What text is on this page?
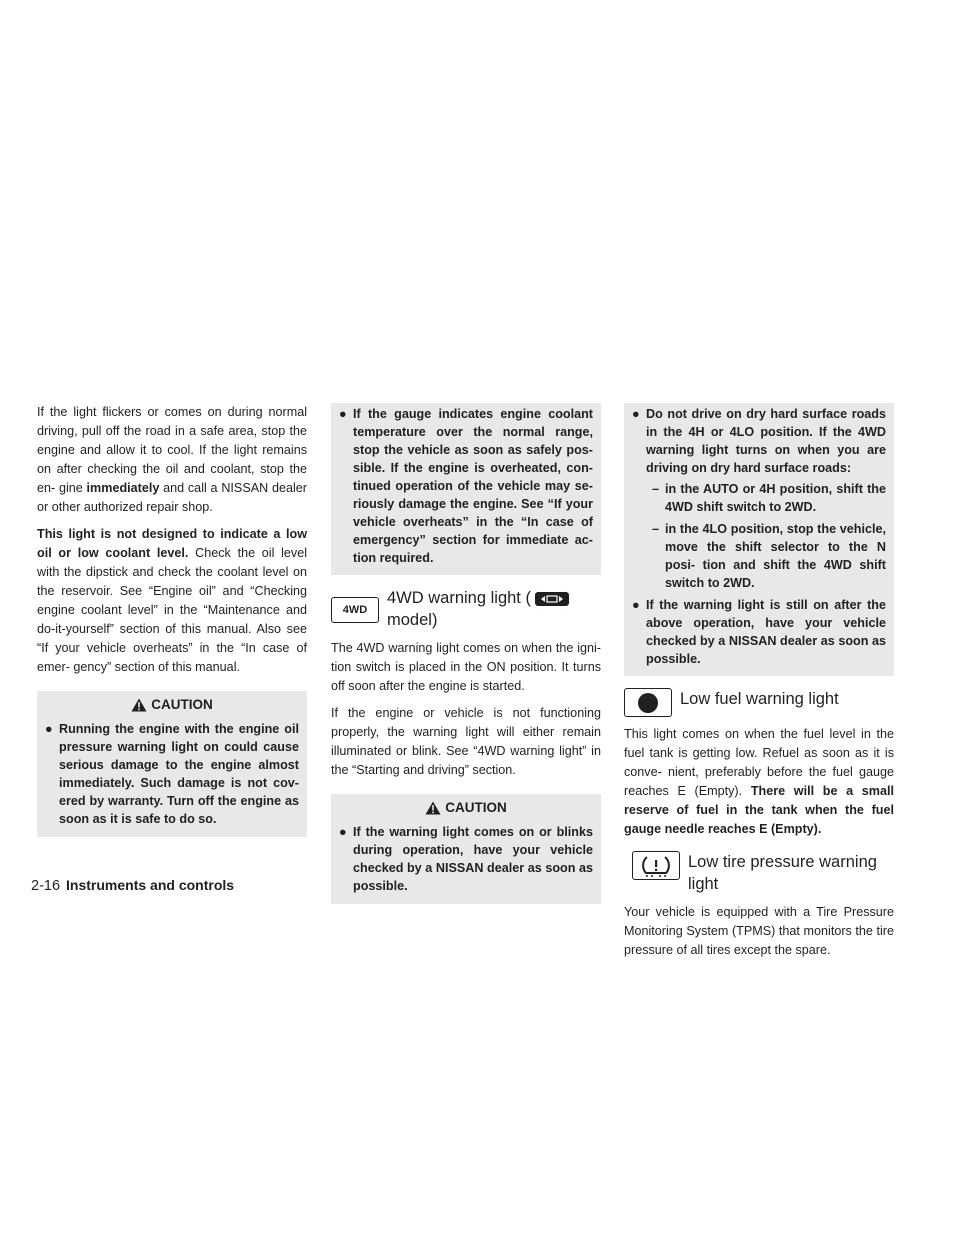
If the light flickers or comes on during normal driving, pull off the road in a safe area, stop the engine and allow it to cool. If the light remains on after checking the oil and coolant, stop the en- gine immediately and call a NISSAN dealer or other authorized repair shop.

This light is not designed to indicate a low oil or low coolant level. Check the oil level with the dipstick and check the coolant level on the reservoir. See “Engine oil” and “Checking engine coolant level” in the “Maintenance and do-it-yourself” section of this manual. Also see “If your vehicle overheats” in the “In case of emer- gency” section of this manual.

CAUTION
● Running the engine with the engine oil pressure warning light on could cause serious damage to the engine almost immediately. Such damage is not cov- ered by warranty. Turn off the engine as soon as it is safe to do so.
● If the gauge indicates engine coolant temperature over the normal range, stop the vehicle as soon as safely pos- sible. If the engine is overheated, con- tinued operation of the vehicle may se- riously damage the engine. See “If your vehicle overheats” in the “In case of emergency” section for immediate ac- tion required.
4WD
4WD warning light (

model)

The 4WD warning light comes on when the igni- tion switch is placed in the ON position. It turns off soon after the engine is started.

If the engine or vehicle is not functioning properly, the warning light will either remain illuminated or blink. See “4WD warning light” in the “Starting and driving” section.

CAUTION
● If the warning light comes on or blinks during operation, have your vehicle checked by a NISSAN dealer as soon as possible.
● Do not drive on dry hard surface roads in the 4H or 4LO position. If the 4WD warning light turns on when you are driving on dry hard surface roads:
– in the AUTO or 4H position, shift the 4WD shift switch to 2WD.
– in the 4LO position, stop the vehicle, move the shift selector to the N posi- tion and shift the 4WD shift switch to 2WD.
● If the warning light is still on after the above operation, have your vehicle checked by a NISSAN dealer as soon as possible.
Low fuel warning light

This light comes on when the fuel level in the fuel tank is getting low. Refuel as soon as it is conve- nient, preferably before the fuel gauge reaches E (Empty). There will be a small reserve of fuel in the tank when the fuel gauge needle reaches E (Empty).

Low tire pressure warning light

Your vehicle is equipped with a Tire Pressure Monitoring System (TPMS) that monitors the tire pressure of all tires except the spare.

2-16 Instruments and controls
